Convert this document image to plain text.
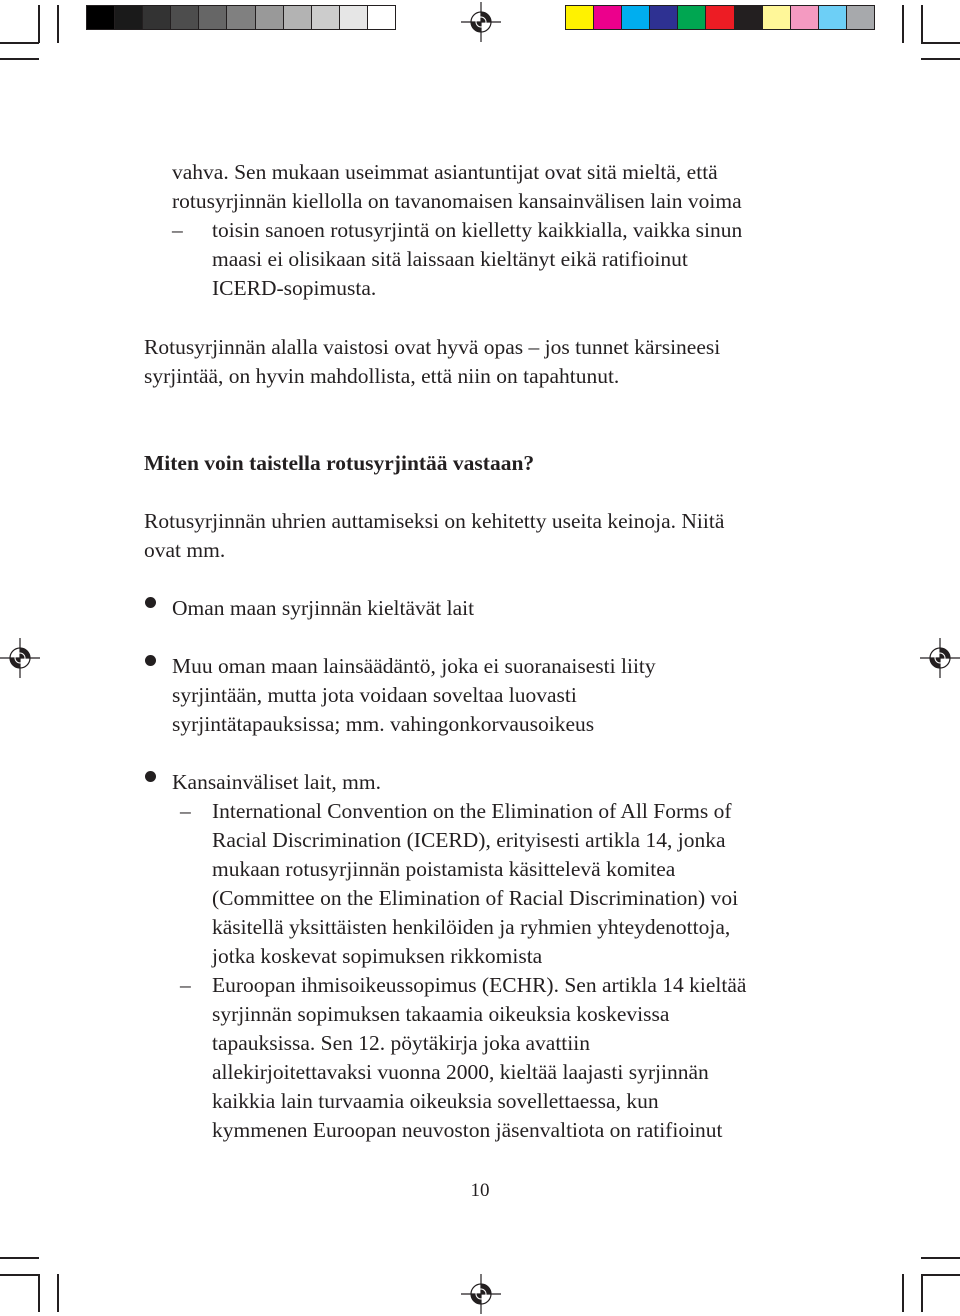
vahva. Sen mukaan useimmat asiantuntijat ovat sitä mieltä, että

rotusyrjinnän kiellolla on tavanomaisen kansainvälisen lain voima

– toisin sanoen rotusyrjintä on kielletty kaikkialla, vaikka sinun

maasi ei olisikaan sitä laissaan kieltänyt eikä ratifioinut

ICERD-sopimusta.

Rotusyrjinnän alalla vaistosi ovat hyvä opas – jos tunnet kärsineesi

syrjintää, on hyvin mahdollista, että niin on tapahtunut.

Miten voin taistella rotusyrjintää vastaan?

Rotusyrjinnän uhrien auttamiseksi on kehitetty useita keinoja. Niitä

ovat mm.

Oman maan syrjinnän kieltävät lait

Muu oman maan lainsäädäntö, joka ei suoranaisesti liity

syrjintään, mutta jota voidaan soveltaa luovasti

syrjintätapauksissa; mm. vahingonkorvausoikeus

Kansainväliset lait, mm.

– International Convention on the Elimination of All Forms of

Racial Discrimination (ICERD), erityisesti artikla 14, jonka

mukaan rotusyrjinnän poistamista käsittelevä komitea

(Committee on the Elimination of Racial Discrimination) voi

käsitellä yksittäisten henkilöiden ja ryhmien yhteydenottoja,

jotka koskevat sopimuksen rikkomista

– Euroopan ihmisoikeussopimus (ECHR). Sen artikla 14 kieltää

syrjinnän sopimuksen takaamia oikeuksia koskevissa

tapauksissa. Sen 12. pöytäkirja joka avattiin

allekirjoitettavaksi vuonna 2000, kieltää laajasti syrjinnän

kaikkia lain turvaamia oikeuksia sovellettaessa, kun

kymmenen Euroopan neuvoston jäsenvaltiota on ratifioinut

10
